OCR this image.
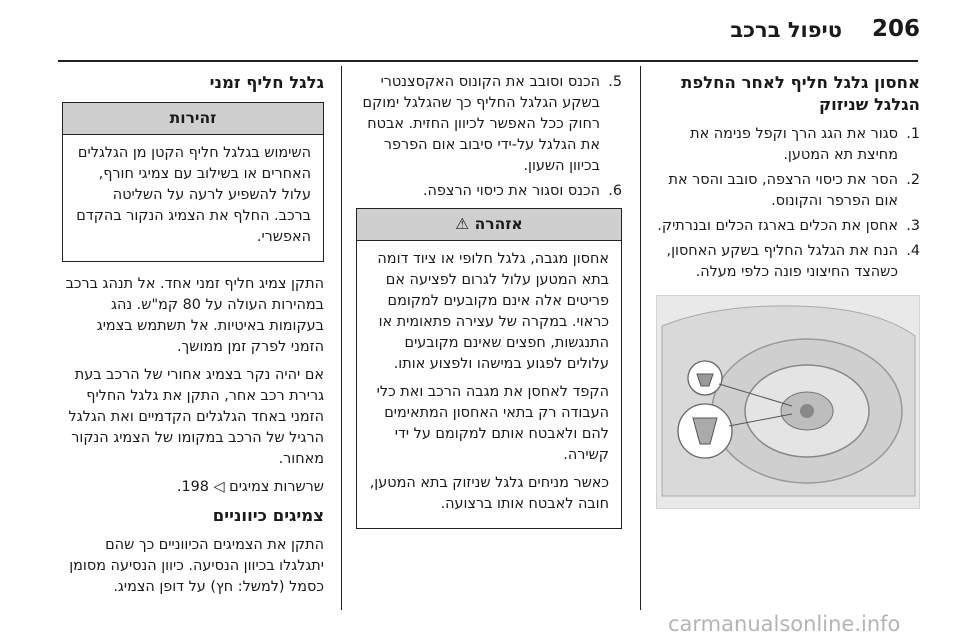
206
טיפול ברכב
אחסון גלגל חליף לאחר החלפת הגלגל שניזוק
1.
סגור את הגג הרך וקפל פנימה את מחיצת תא המטען.
2.
הסר את כיסוי הרצפה, סובב והסר את אום הפרפר והקונוס.
3.
אחסן את הכלים בארגז הכלים ובנרתיק.
4.
הנח את הגלגל החליף בשקע האחסון, כשהצד החיצוני פונה כלפי מעלה.
5.
הכנס וסובב את הקונוס האקסצנטרי בשקע הגלגל החליף כך שהגלגל ימוקם רחוק ככל האפשר לכיוון החזית. אבטח את הגלגל על-ידי סיבוב אום הפרפר בכיוון השעון.
6.
הכנס וסגור את כיסוי הרצפה.
אזהרה ⚠

אחסון מגבה, גלגל חלופי או ציוד דומה בתא המטען עלול לגרום לפציעה אם פריטים אלה אינם מקובעים למקומם כראוי. במקרה של עצירה פתאומית או התנגשות, חפצים שאינם מקובעים עלולים לפגוע במישהו ולפצוע אותו.

הקפד לאחסן את מגבה הרכב ואת כלי העבודה רק בתאי האחסון המתאימים להם ולאבטח אותם למקומם על ידי קשירה.

כאשר מניחים גלגל שניזוק בתא המטען, חובה לאבטח אותו ברצועה.

גלגל חליף זמני
זהירות

השימוש בגלגל חליף הקטן מן הגלגלים האחרים או בשילוב עם צמיגי חורף, עלול להשפיע לרעה על השליטה ברכב. החלף את הצמיג הנקור בהקדם האפשרי.

התקן צמיג חליף זמני אחד. אל תנהג ברכב במהירות העולה על 80 קמ"ש. נהג בעקומות באיטיות. אל תשתמש בצמיג הזמני לפרק זמן ממושך.

אם יהיה נקר בצמיג אחורי של הרכב בעת גרירת רכב אחר, התקן את גלגל החליף הזמני באחד הגלגלים הקדמיים ואת הגלגל הרגיל של הרכב במקומו של הצמיג הנקור מאחור.

שרשרות צמיגים ◁ 198.

צמיגים כיווניים

התקן את הצמיגים הכיווניים כך שהם יתגלגלו בכיוון הנסיעה. כיוון הנסיעה מסומן כסמל (למשל: חץ) על דופן הצמיג.

carmanualsonline.info
